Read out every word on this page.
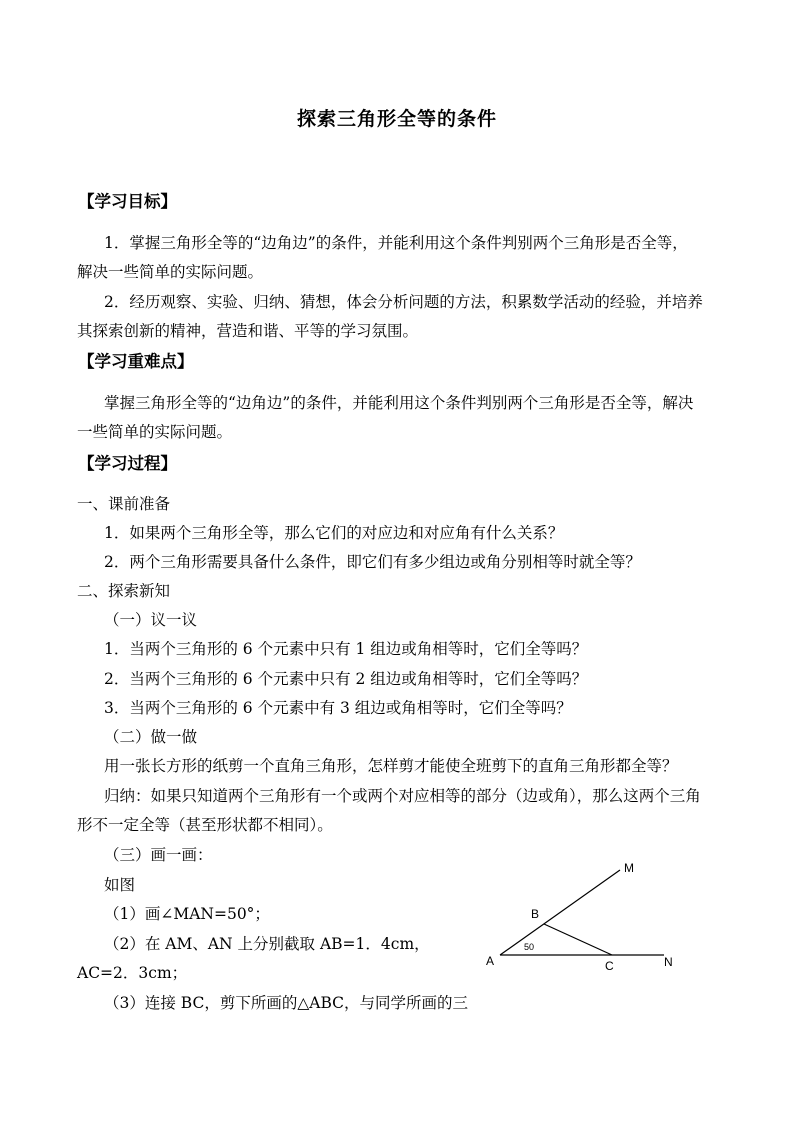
探索三角形全等的条件
【学习目标】
1．掌握三角形全等的“边角边”的条件，并能利用这个条件判别两个三角形是否全等，
解决一些简单的实际问题。
2．经历观察、实验、归纳、猜想，体会分析问题的方法，积累数学活动的经验，并培养
其探索创新的精神，营造和谐、平等的学习氛围。
【学习重难点】
掌握三角形全等的“边角边”的条件，并能利用这个条件判别两个三角形是否全等，解决
一些简单的实际问题。
【学习过程】
一、课前准备
1．如果两个三角形全等，那么它们的对应边和对应角有什么关系？
2．两个三角形需要具备什么条件，即它们有多少组边或角分别相等时就全等？
二、探索新知
（一）议一议
1．当两个三角形的 6 个元素中只有 1 组边或角相等时，它们全等吗？
2．当两个三角形的 6 个元素中只有 2 组边或角相等时，它们全等吗？
3．当两个三角形的 6 个元素中有 3 组边或角相等时，它们全等吗？
（二）做一做
用一张长方形的纸剪一个直角三角形，怎样剪才能使全班剪下的直角三角形都全等？
归纳：如果只知道两个三角形有一个或两个对应相等的部分（边或角），那么这两个三角
形不一定全等（甚至形状都不相同）。
（三）画一画：
如图
（1）画∠MAN=50°；
（2）在 AM、AN 上分别截取 AB=1．4cm，
AC=2．3cm；
（3）连接 BC，剪下所画的△ABC，与同学所画的三
M
B
A	C	N
50
